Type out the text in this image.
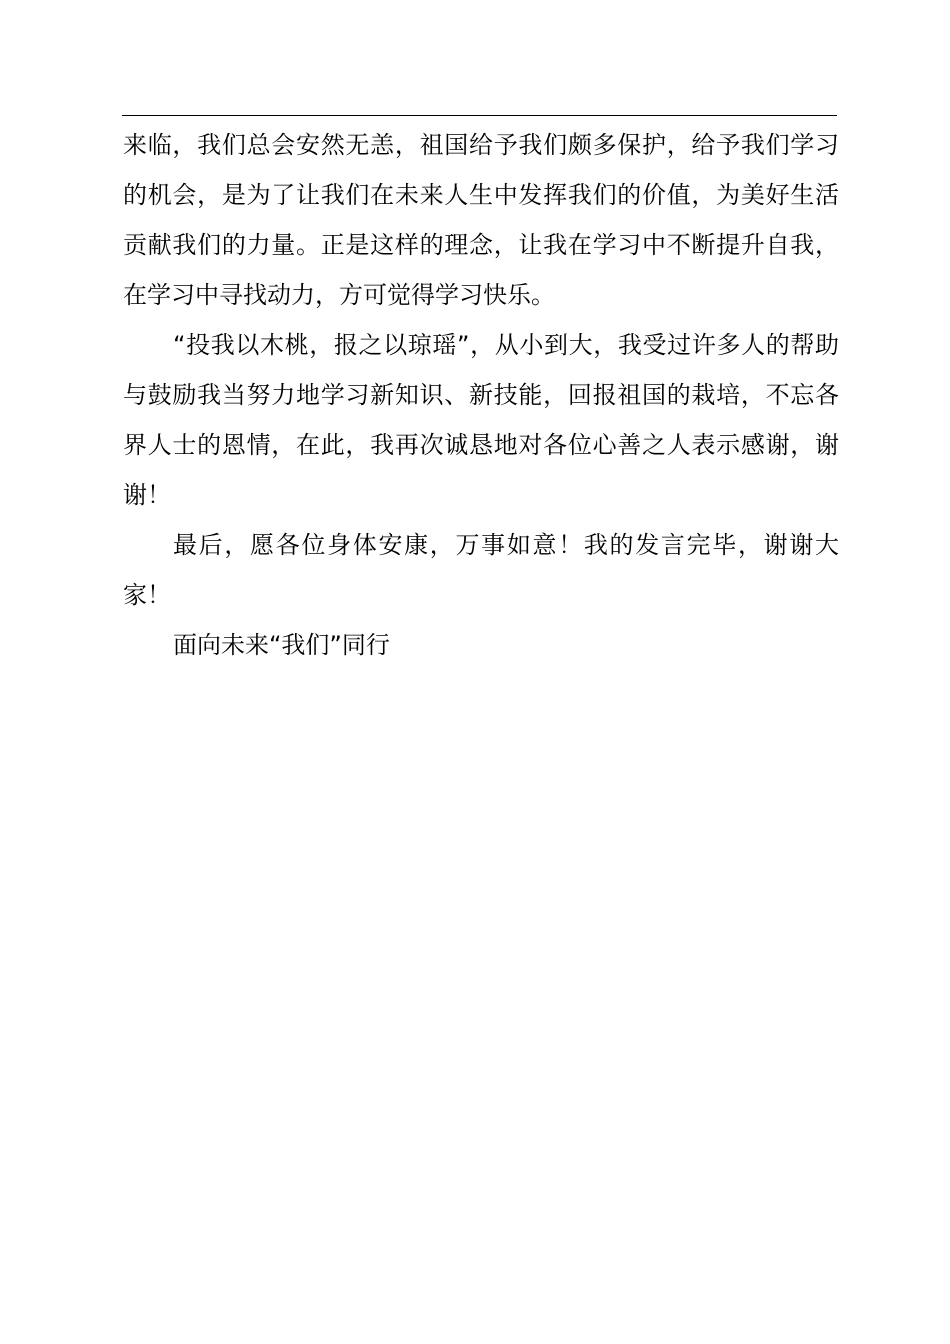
来临，我们总会安然无恙，祖国给予我们颇多保护，给予我们学习的机会，是为了让我们在未来人生中发挥我们的价值，为美好生活贡献我们的力量。正是这样的理念，让我在学习中不断提升自我，在学习中寻找动力，方可觉得学习快乐。

“投我以木桃，报之以琼瑶”，从小到大，我受过许多人的帮助与鼓励我当努力地学习新知识、新技能，回报祖国的栽培，不忘各界人士的恩情，在此，我再次诚恳地对各位心善之人表示感谢，谢谢！

最后，愿各位身体安康，万事如意！我的发言完毕，谢谢大家！

面向未来“我们”同行
